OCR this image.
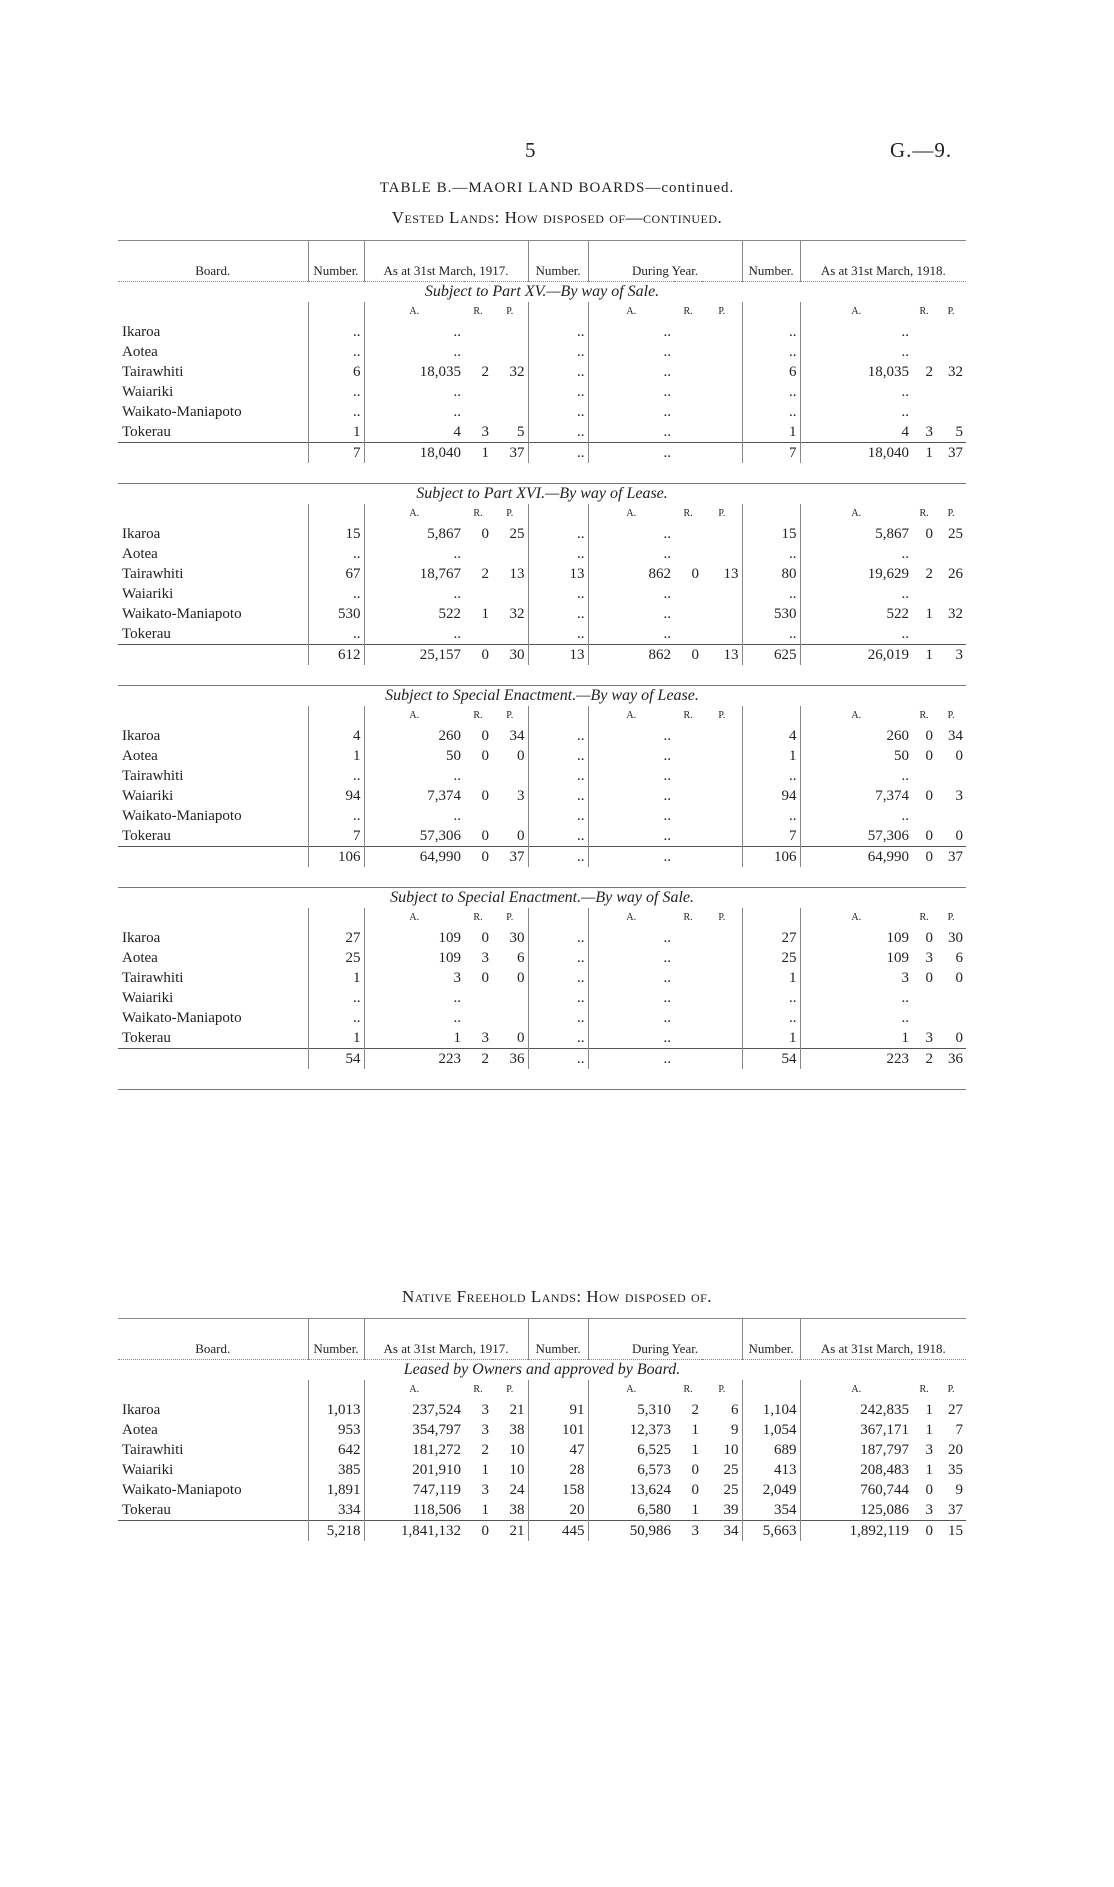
5	G.—9.
TABLE B.—MAORI LAND BOARDS—continued.
Vested Lands: How disposed of—continued.
Board.	Number.	As at 31st March, 1917.			Number.	During Year.			Number.	As at 31st March, 1918.		
Subject to Part XV.—By way of Sale.												
		A.	R.	P.		A.	R.	P.		A.	R.	P.
Ikaroa	..	..			..	..			..	..		
Aotea	..	..			..	..			..	..		
Tairawhiti	6	18,035	2	32	..	..			6	18,035	2	32
Waiariki	..	..			..	..			..	..		
Waikato-Maniapoto	..	..			..	..			..	..		
Tokerau	1	4	3	5	..	..			1	4	3	5
	7	18,040	1	37	..	..			7	18,040	1	37

Subject to Part XVI.—By way of Lease.												
		A.	R.	P.		A.	R.	P.		A.	R.	P.
Ikaroa	15	5,867	0	25	..	..			15	5,867	0	25
Aotea	..	..			..	..			..	..		
Tairawhiti	67	18,767	2	13	13	862	0	13	80	19,629	2	26
Waiariki	..	..			..	..			..	..		
Waikato-Maniapoto	530	522	1	32	..	..			530	522	1	32
Tokerau	..	..			..	..			..	..		
	612	25,157	0	30	13	862	0	13	625	26,019	1	3

Subject to Special Enactment.—By way of Lease.												
		A.	R.	P.		A.	R.	P.		A.	R.	P.
Ikaroa	4	260	0	34	..	..			4	260	0	34
Aotea	1	50	0	0	..	..			1	50	0	0
Tairawhiti	..	..			..	..			..	..		
Waiariki	94	7,374	0	3	..	..			94	7,374	0	3
Waikato-Maniapoto	..	..			..	..			..	..		
Tokerau	7	57,306	0	0	..	..			7	57,306	0	0
	106	64,990	0	37	..	..			106	64,990	0	37

Subject to Special Enactment.—By way of Sale.												
		A.	R.	P.		A.	R.	P.		A.	R.	P.
Ikaroa	27	109	0	30	..	..			27	109	0	30
Aotea	25	109	3	6	..	..			25	109	3	6
Tairawhiti	1	3	0	0	..	..			1	3	0	0
Waiariki	..	..			..	..			..	..		
Waikato-Maniapoto	..	..			..	..			..	..		
Tokerau	1	1	3	0	..	..			1	1	3	0
	54	223	2	36	..	..			54	223	2	36

Native Freehold Lands: How disposed of.
Board.	Number.	As at 31st March, 1917.			Number.	During Year.			Number.	As at 31st March, 1918.		
Leased by Owners and approved by Board.												
		A.	R.	P.		A.	R.	P.		A.	R.	P.
Ikaroa	1,013	237,524	3	21	91	5,310	2	6	1,104	242,835	1	27
Aotea	953	354,797	3	38	101	12,373	1	9	1,054	367,171	1	7
Tairawhiti	642	181,272	2	10	47	6,525	1	10	689	187,797	3	20
Waiariki	385	201,910	1	10	28	6,573	0	25	413	208,483	1	35
Waikato-Maniapoto	1,891	747,119	3	24	158	13,624	0	25	2,049	760,744	0	9
Tokerau	334	118,506	1	38	20	6,580	1	39	354	125,086	3	37
	5,218	1,841,132	0	21	445	50,986	3	34	5,663	1,892,119	0	15
